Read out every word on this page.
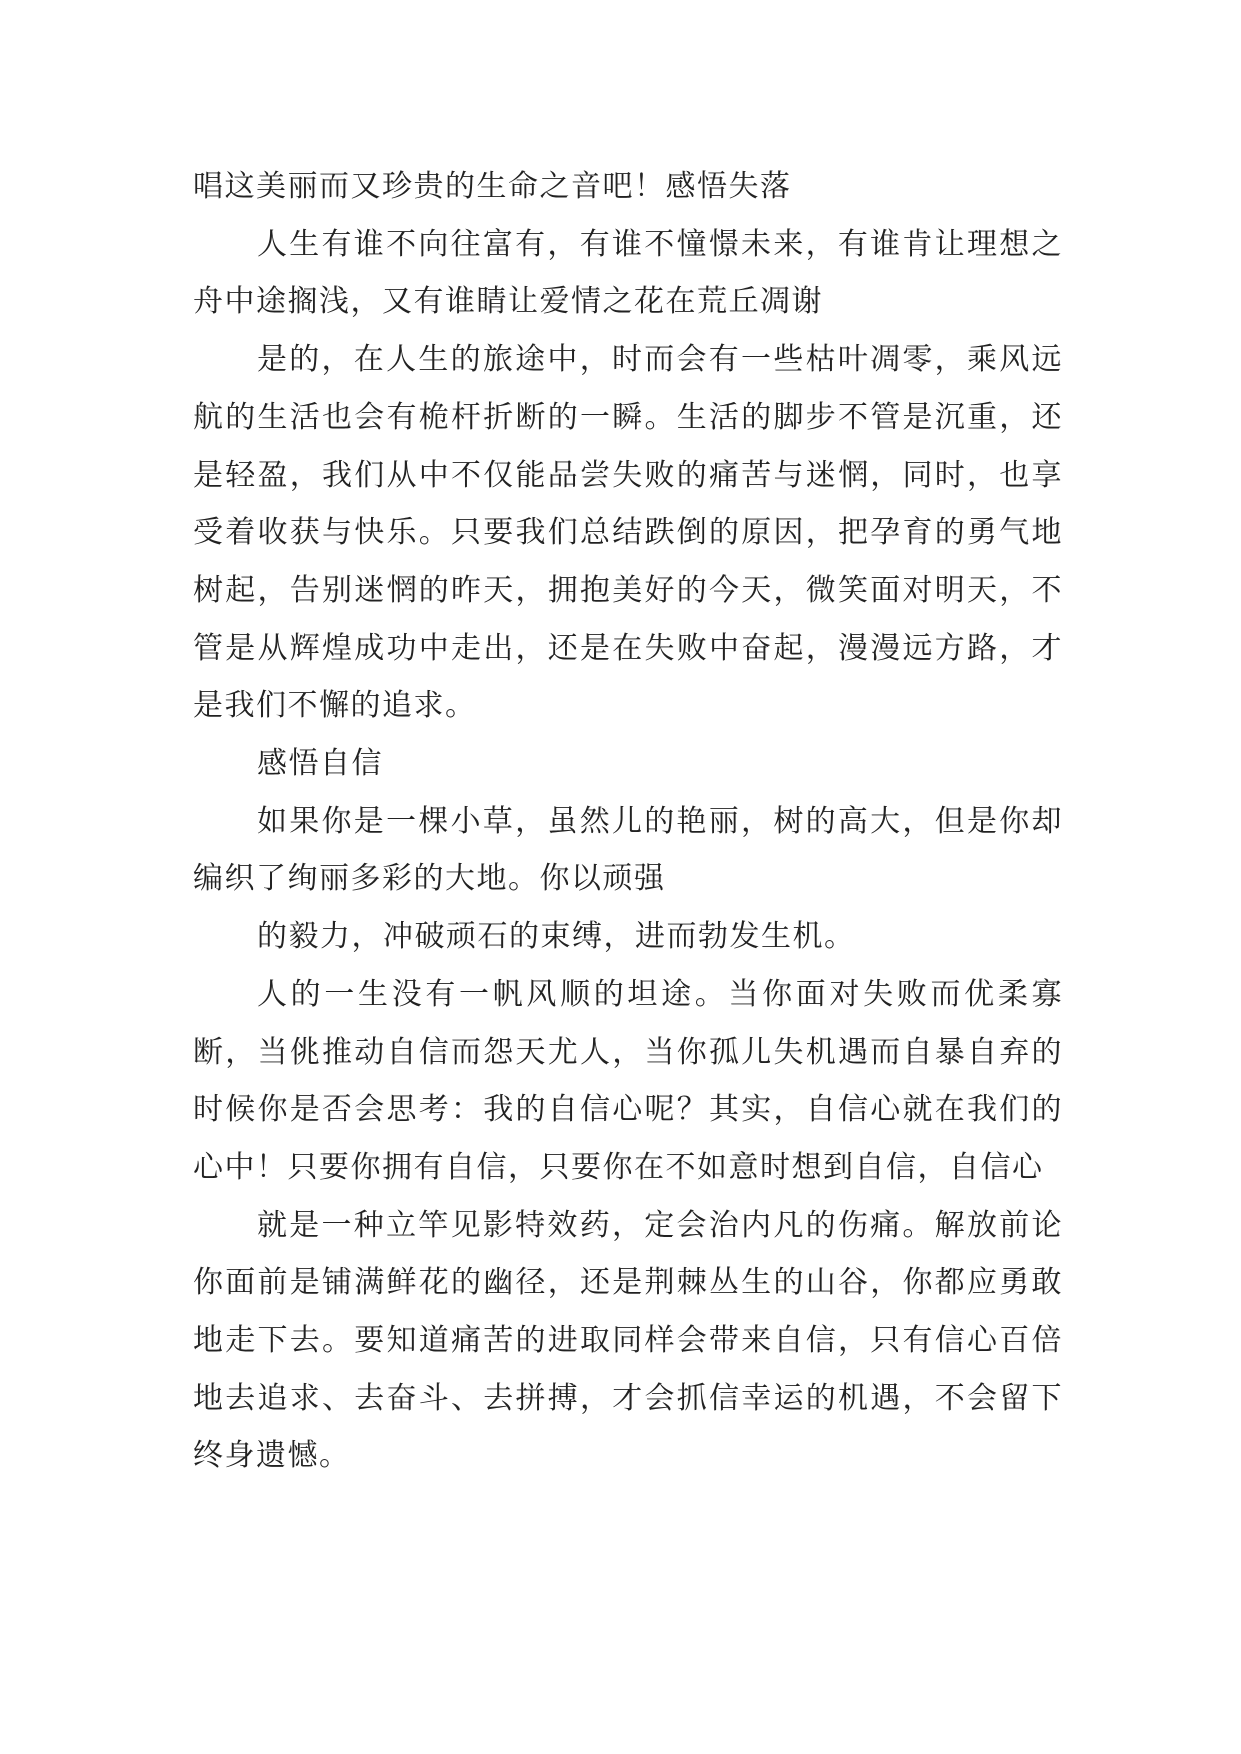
唱这美丽而又珍贵的生命之音吧！感悟失落

人生有谁不向往富有，有谁不憧憬未来，有谁肯让理想之舟中途搁浅，又有谁睛让爱情之花在荒丘凋谢

是的，在人生的旅途中，时而会有一些枯叶凋零，乘风远航的生活也会有桅杆折断的一瞬。生活的脚步不管是沉重，还是轻盈，我们从中不仅能品尝失败的痛苦与迷惘，同时，也享受着收获与快乐。只要我们总结跌倒的原因，把孕育的勇气地树起，告别迷惘的昨天，拥抱美好的今天，微笑面对明天，不管是从辉煌成功中走出，还是在失败中奋起，漫漫远方路，才是我们不懈的追求。

感悟自信

如果你是一棵小草，虽然儿的艳丽，树的高大，但是你却编织了绚丽多彩的大地。你以顽强

的毅力，冲破顽石的束缚，进而勃发生机。

人的一生没有一帆风顺的坦途。当你面对失败而优柔寡断，当佻推动自信而怨天尤人，当你孤儿失机遇而自暴自弃的时候你是否会思考：我的自信心呢？其实，自信心就在我们的心中！只要你拥有自信，只要你在不如意时想到自信，自信心

就是一种立竿见影特效药，定会治内凡的伤痛。解放前论你面前是铺满鲜花的幽径，还是荆棘丛生的山谷，你都应勇敢地走下去。要知道痛苦的进取同样会带来自信，只有信心百倍地去追求、去奋斗、去拼搏，才会抓信幸运的机遇，不会留下终身遗憾。
